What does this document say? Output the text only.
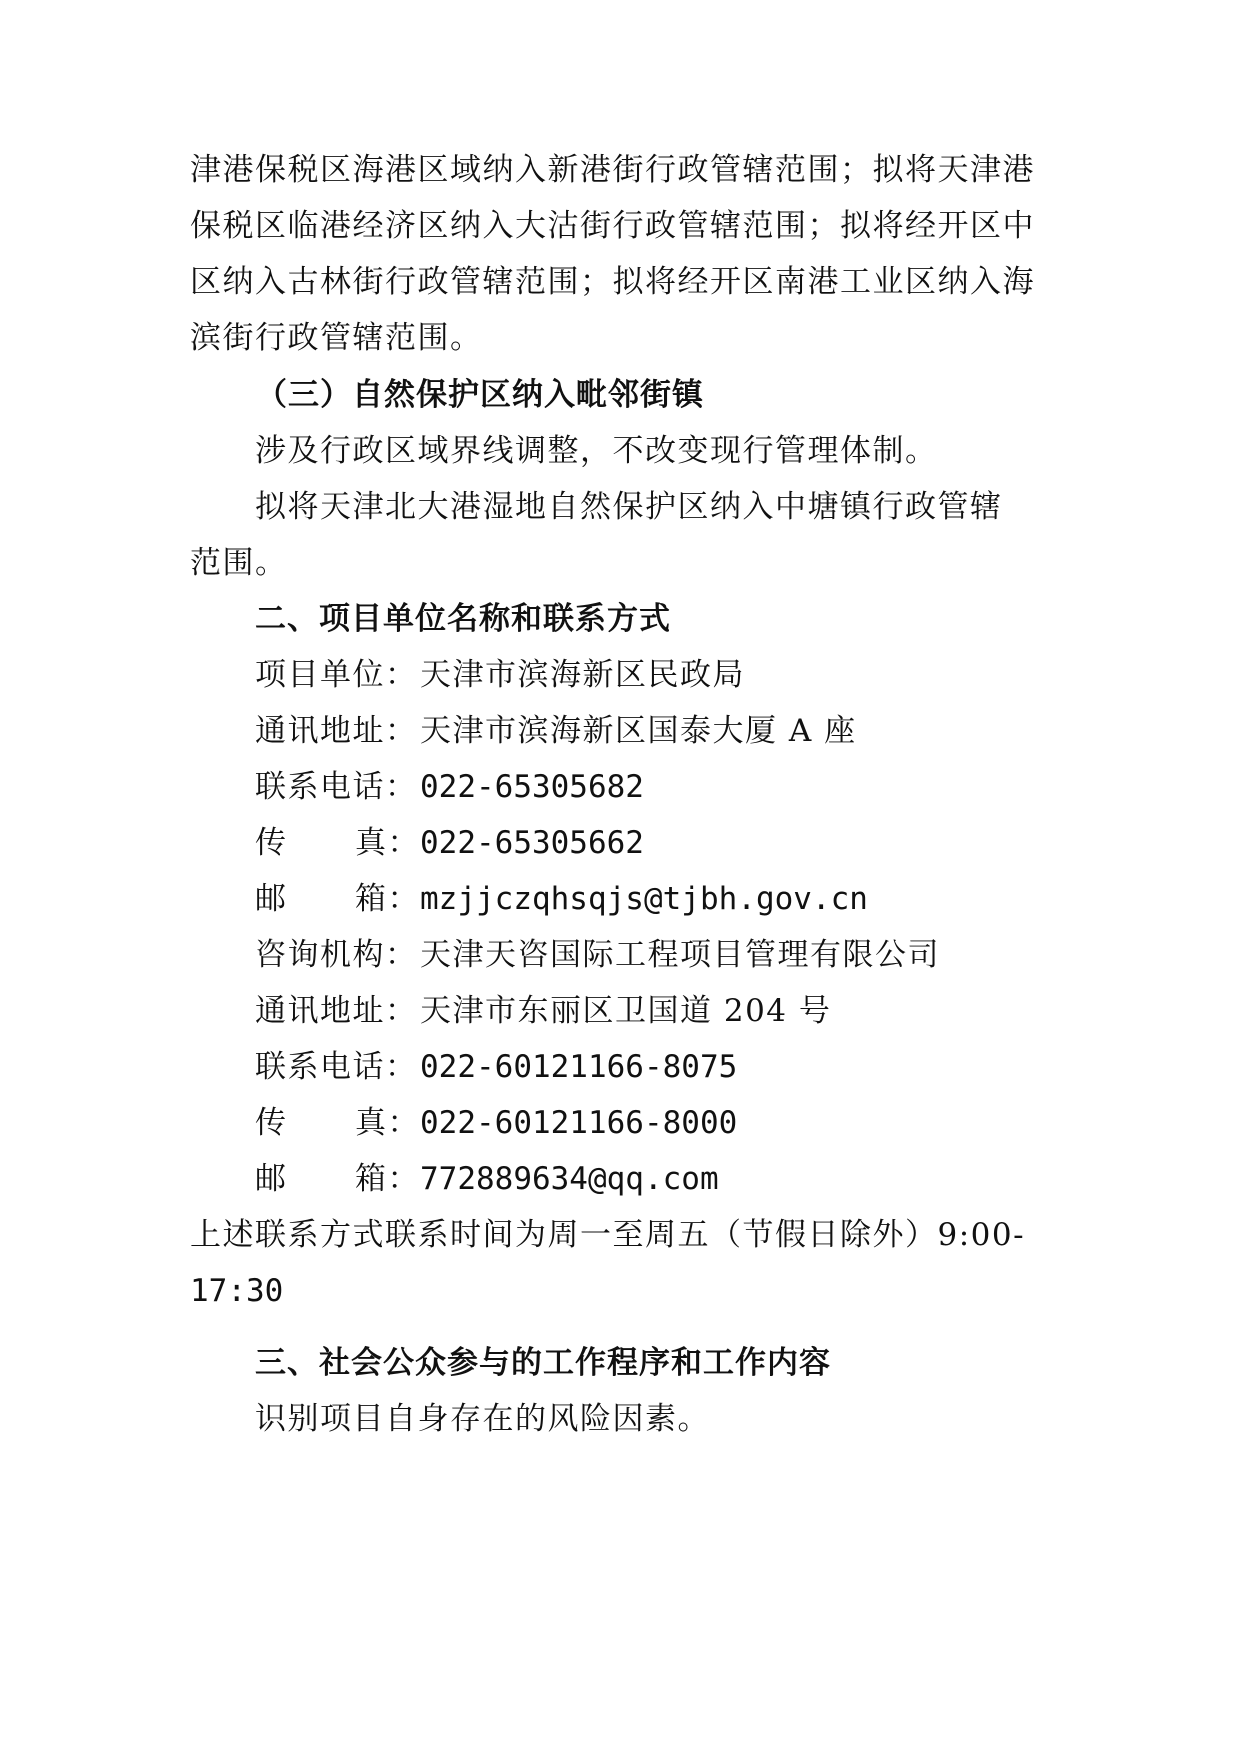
津港保税区海港区域纳入新港街行政管辖范围；拟将天津港
保税区临港经济区纳入大沽街行政管辖范围；拟将经开区中
区纳入古林街行政管辖范围；拟将经开区南港工业区纳入海
滨街行政管辖范围。
（三）自然保护区纳入毗邻街镇
涉及行政区域界线调整，不改变现行管理体制。
拟将天津北大港湿地自然保护区纳入中塘镇行政管辖
范围。
二、项目单位名称和联系方式
项目单位：天津市滨海新区民政局
通讯地址：天津市滨海新区国泰大厦 A 座
联系电话：022-65305682
传 真：022-65305662
邮 箱：mzjjczqhsqjs@tjbh.gov.cn
咨询机构：天津天咨国际工程项目管理有限公司
通讯地址：天津市东丽区卫国道 204 号
联系电话：022-60121166-8075
传 真：022-60121166-8000
邮 箱：772889634@qq.com
上述联系方式联系时间为周一至周五（节假日除外）9:00-
17:30
三、社会公众参与的工作程序和工作内容
识别项目自身存在的风险因素。
